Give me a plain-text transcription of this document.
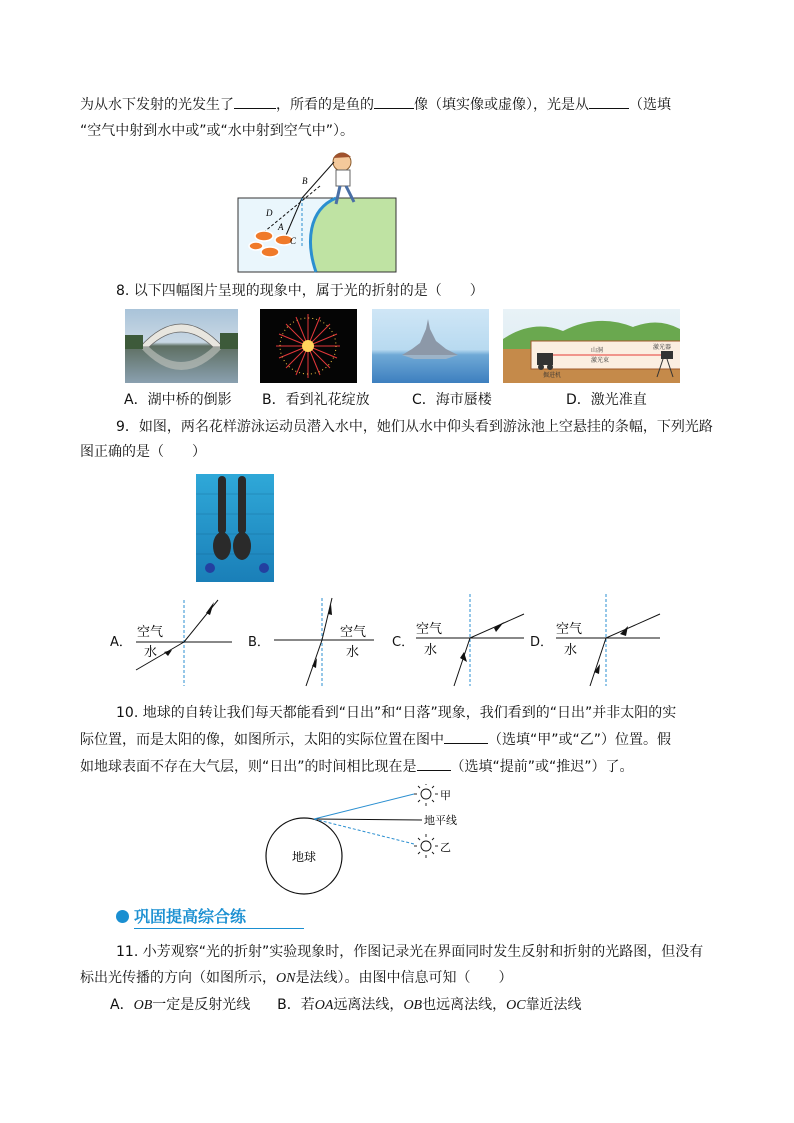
为从水下发射的光发生了	，所看的是鱼的	像（填实像或虚像），光是从	（选填
“空气中射到水中或”或“水中射到空气中”）。
B
D
A
C
8. 以下四幅图片呈现的现象中，属于光的折射的是（　　）
山洞
激光束
激光器
掘进机
A．湖中桥的倒影 B．看到礼花绽放	C．海市蜃楼	D．激光准直
9．如图，两名花样游泳运动员潜入水中，她们从水中仰头看到游泳池上空悬挂的条幅，下列光路
图正确的是（　　）
A．
空气
水
B．
空气
水
C．
空气
水
D．
空气
水
10. 地球的自转让我们每天都能看到“日出”和“日落”现象，我们看到的“日出”并非太阳的实
际位置，而是太阳的像，如图所示，太阳的实际位置在图中	（选填“甲”或“乙”）位置。假
如地球表面不存在大气层，则“日出”的时间相比现在是 （选填“提前”或“推迟”）了。
地球
甲
地平线
乙
巩固提高综合练
11. 小芳观察“光的折射”实验现象时，作图记录光在界面同时发生反射和折射的光路图，但没有
标出光传播的方向（如图所示，ON是法线）。由图中信息可知（　　）
A．OB一定是反射光线 B．若OA远离法线，OB也远离法线，OC靠近法线
